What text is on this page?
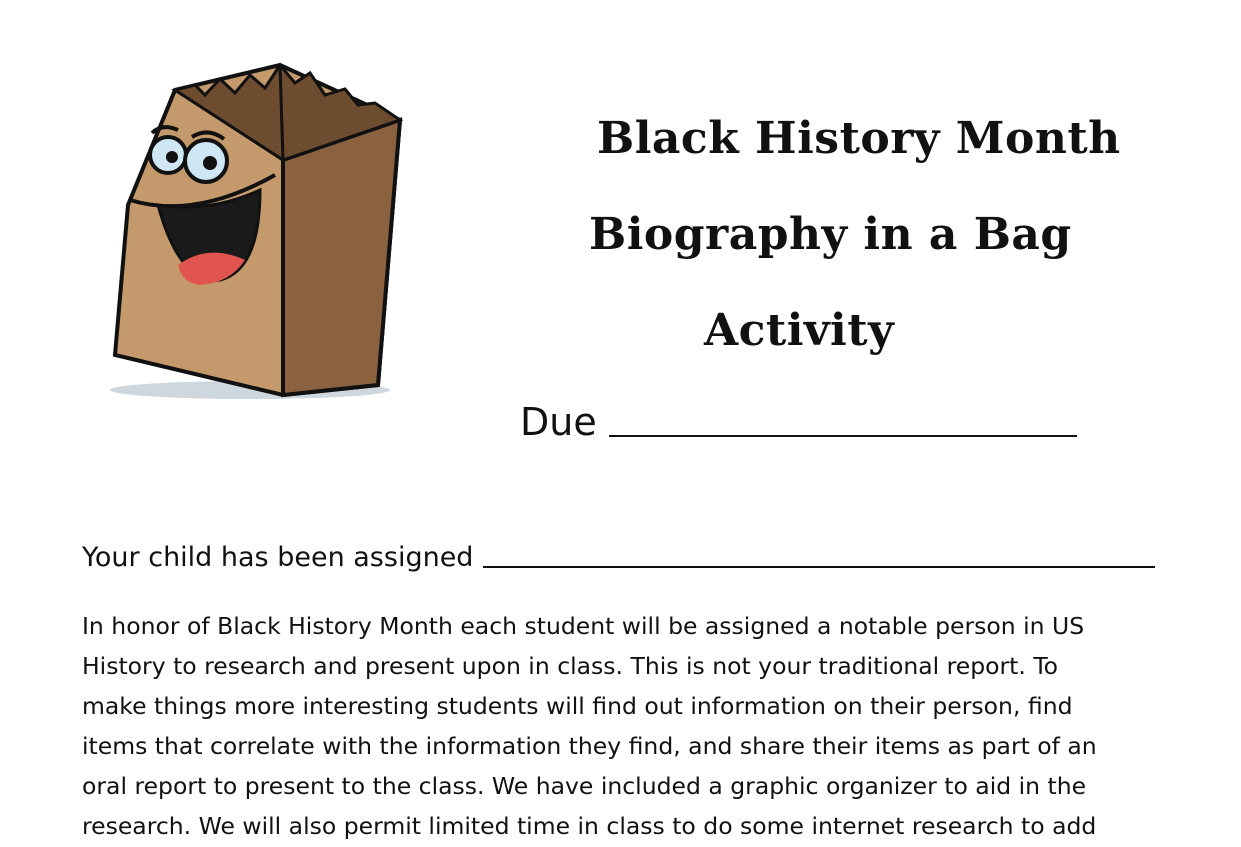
Black History Month
Biography in a Bag
Activity
Due
Your child has been assigned

In honor of Black History Month each student will be assigned a notable person in US

History to research and present upon in class. This is not your traditional report. To

make things more interesting students will find out information on their person, find

items that correlate with the information they find, and share their items as part of an

oral report to present to the class. We have included a graphic organizer to aid in the

research. We will also permit limited time in class to do some internet research to add
